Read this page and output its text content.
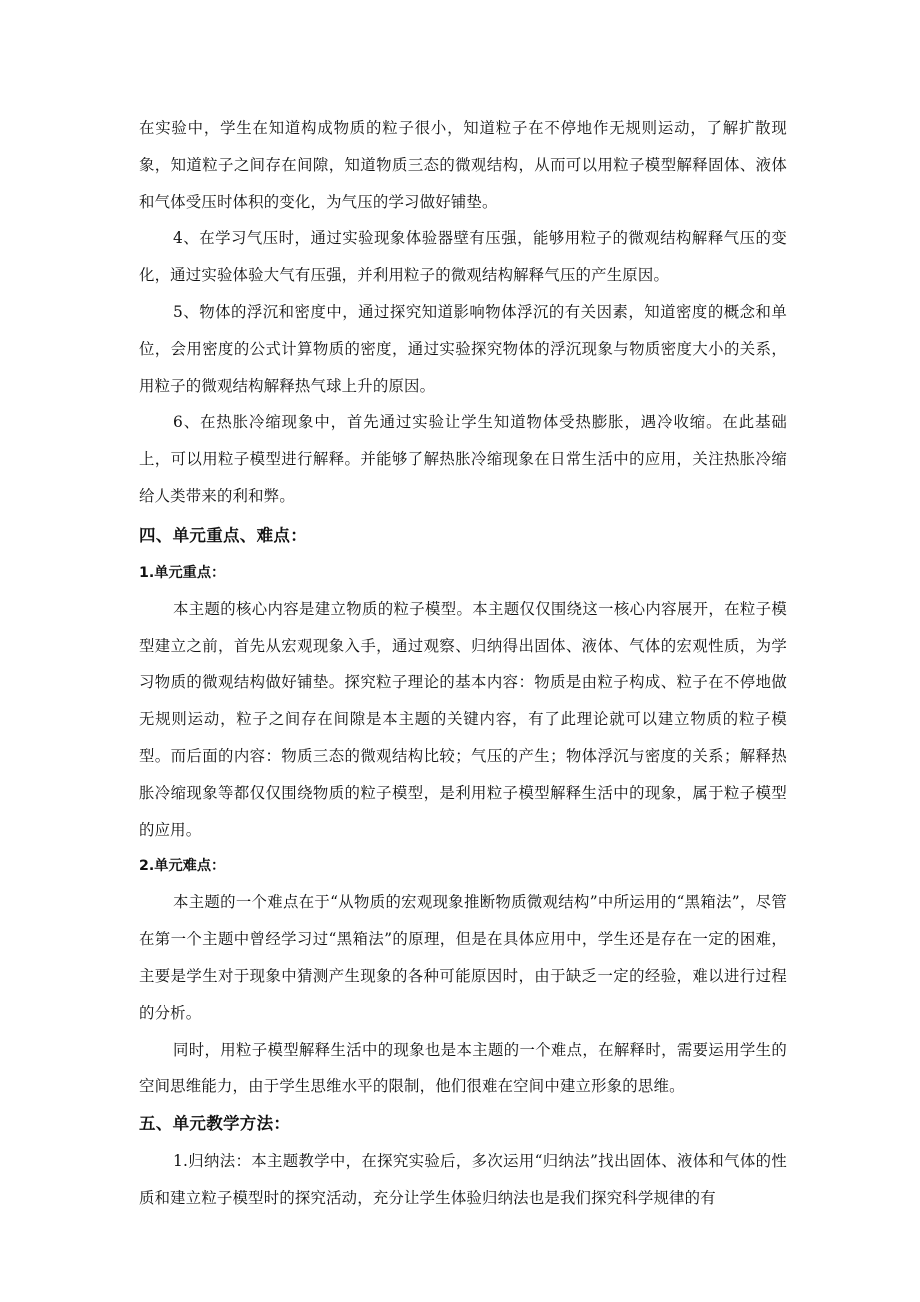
在实验中，学生在知道构成物质的粒子很小，知道粒子在不停地作无规则运动，了解扩散现象，知道粒子之间存在间隙，知道物质三态的微观结构，从而可以用粒子模型解释固体、液体和气体受压时体积的变化，为气压的学习做好铺垫。

4、在学习气压时，通过实验现象体验器壁有压强，能够用粒子的微观结构解释气压的变化，通过实验体验大气有压强，并利用粒子的微观结构解释气压的产生原因。

5、物体的浮沉和密度中，通过探究知道影响物体浮沉的有关因素，知道密度的概念和单位，会用密度的公式计算物质的密度，通过实验探究物体的浮沉现象与物质密度大小的关系，用粒子的微观结构解释热气球上升的原因。

6、在热胀冷缩现象中，首先通过实验让学生知道物体受热膨胀，遇冷收缩。在此基础上，可以用粒子模型进行解释。并能够了解热胀冷缩现象在日常生活中的应用，关注热胀冷缩给人类带来的利和弊。

四、单元重点、难点：
1.单元重点：

本主题的核心内容是建立物质的粒子模型。本主题仅仅围绕这一核心内容展开，在粒子模型建立之前，首先从宏观现象入手，通过观察、归纳得出固体、液体、气体的宏观性质，为学习物质的微观结构做好铺垫。探究粒子理论的基本内容：物质是由粒子构成、粒子在不停地做无规则运动，粒子之间存在间隙是本主题的关键内容，有了此理论就可以建立物质的粒子模型。而后面的内容：物质三态的微观结构比较；气压的产生；物体浮沉与密度的关系；解释热胀冷缩现象等都仅仅围绕物质的粒子模型，是利用粒子模型解释生活中的现象，属于粒子模型的应用。

2.单元难点：

本主题的一个难点在于“从物质的宏观现象推断物质微观结构”中所运用的“黑箱法”，尽管在第一个主题中曾经学习过“黑箱法”的原理，但是在具体应用中，学生还是存在一定的困难，主要是学生对于现象中猜测产生现象的各种可能原因时，由于缺乏一定的经验，难以进行过程的分析。

同时，用粒子模型解释生活中的现象也是本主题的一个难点，在解释时，需要运用学生的空间思维能力，由于学生思维水平的限制，他们很难在空间中建立形象的思维。

五、单元教学方法：

1.归纳法：本主题教学中，在探究实验后，多次运用“归纳法”找出固体、液体和气体的性质和建立粒子模型时的探究活动，充分让学生体验归纳法也是我们探究科学规律的有
